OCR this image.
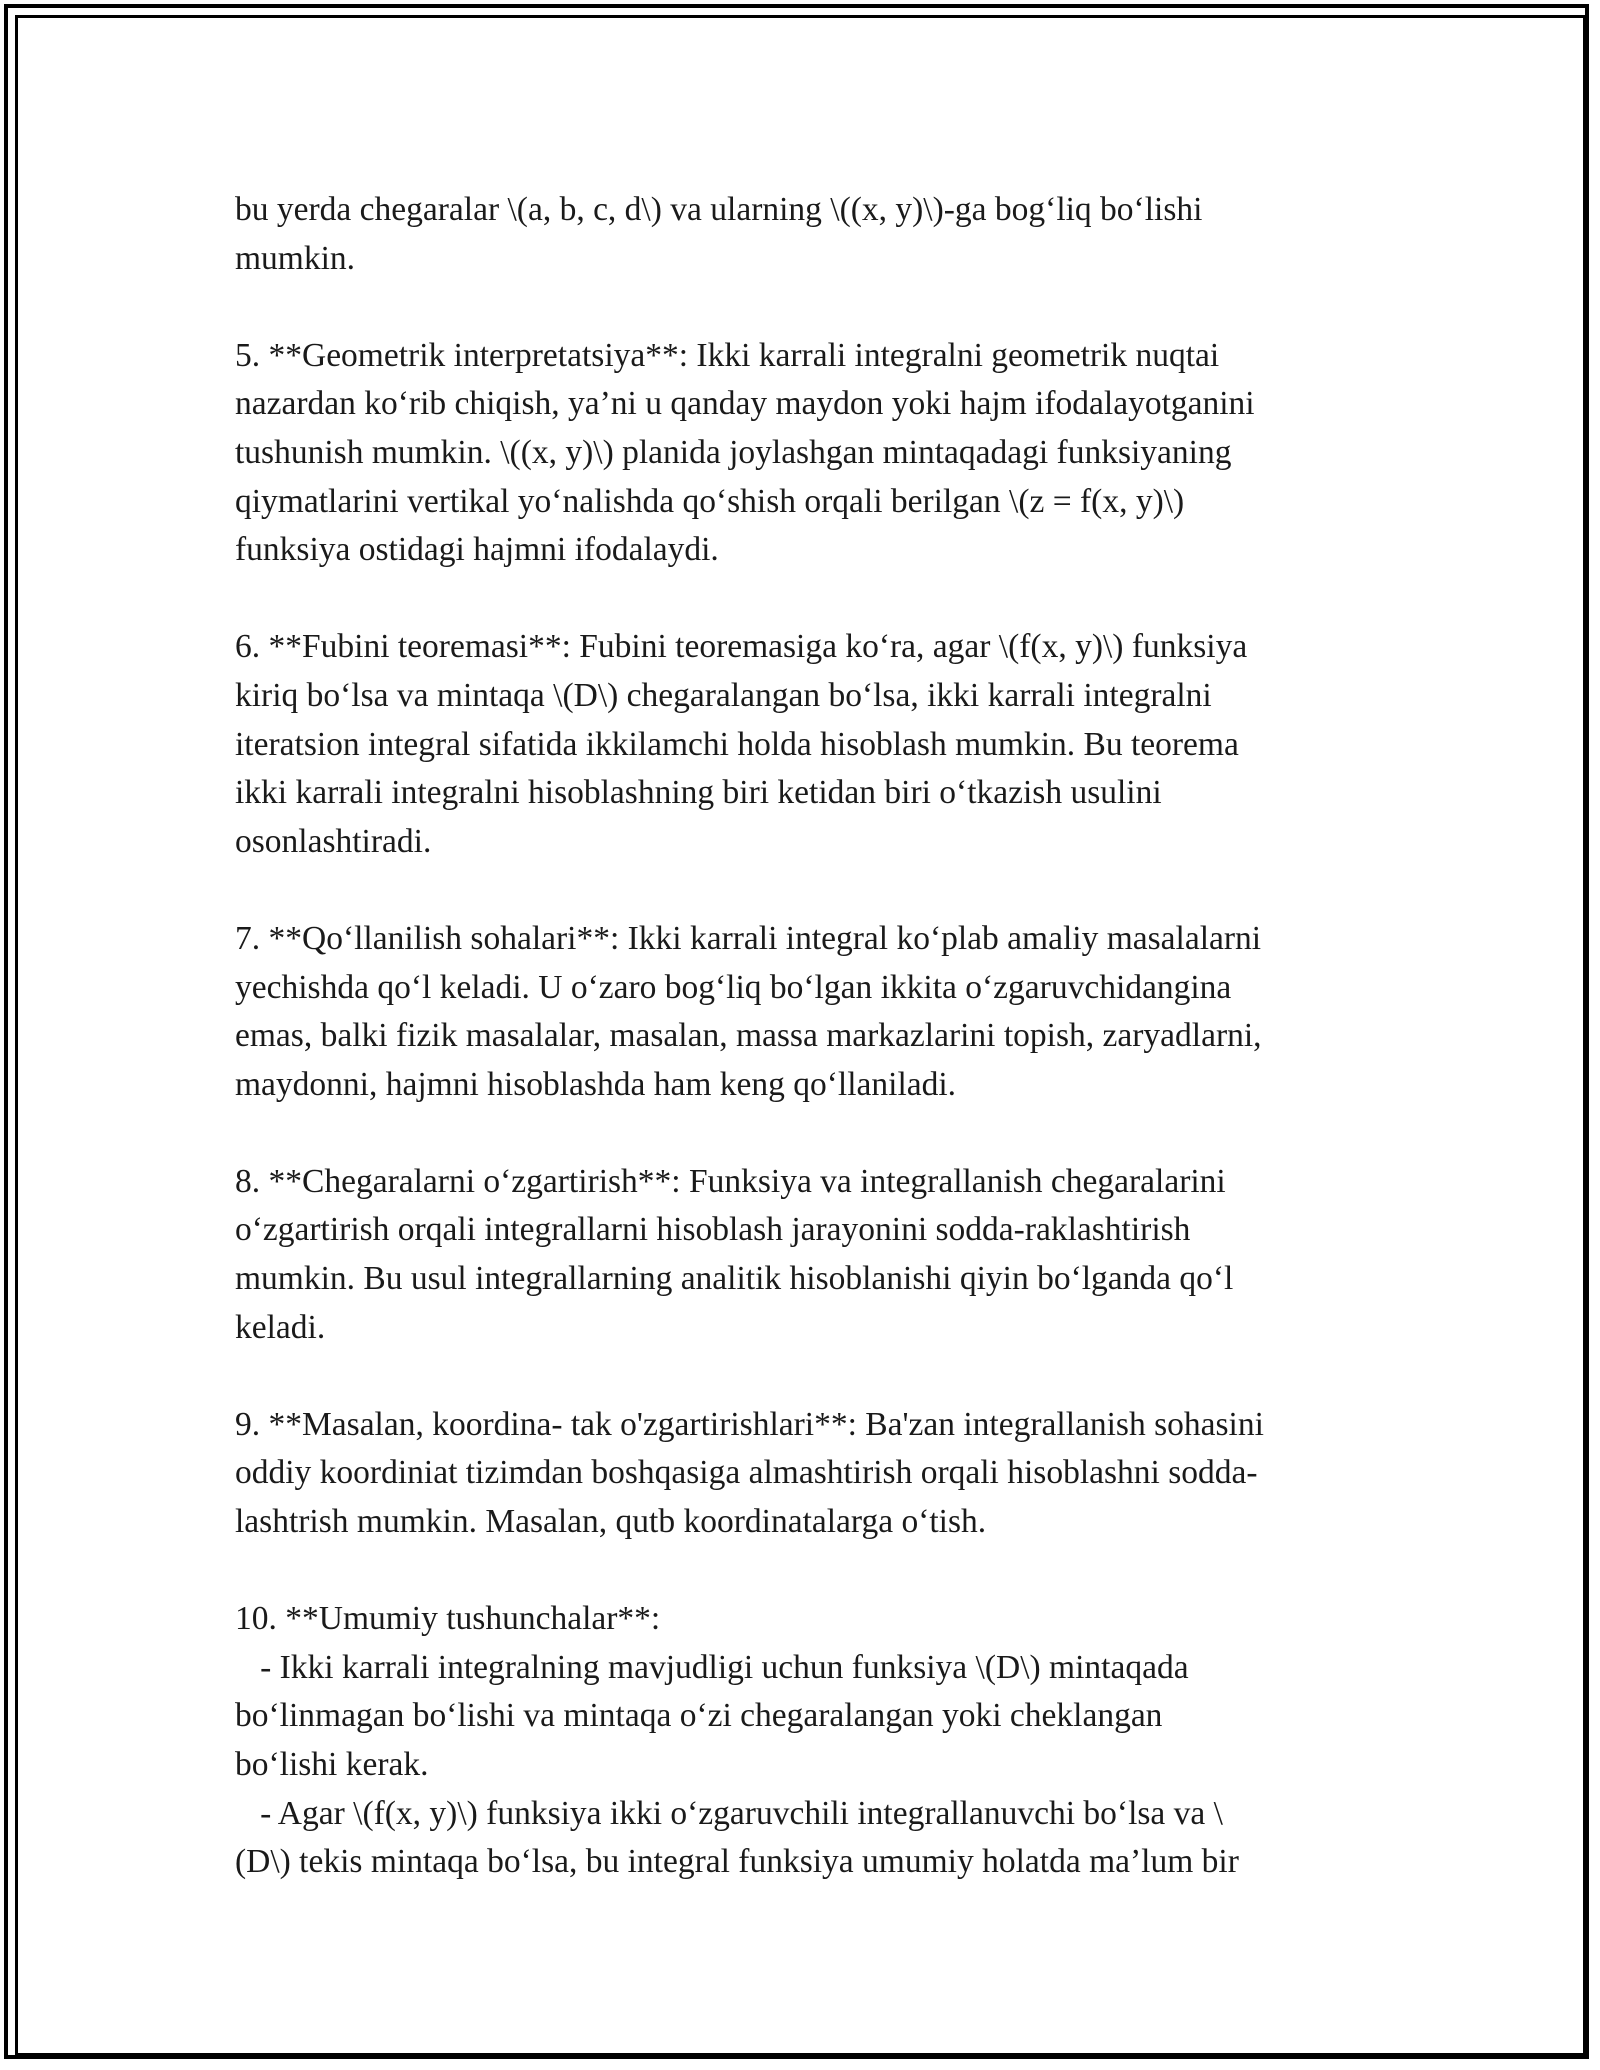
bu yerda chegaralar \(a, b, c, d\) va ularning \((x, y)\)-ga bog‘liq bo‘lishi
mumkin.

5. **Geometrik interpretatsiya**: Ikki karrali integralni geometrik nuqtai
nazardan ko‘rib chiqish, ya’ni u qanday maydon yoki hajm ifodalayotganini
tushunish mumkin. \((x, y)\) planida joylashgan mintaqadagi funksiyaning
qiymatlarini vertikal yo‘nalishda qo‘shish orqali berilgan \(z = f(x, y)\)
funksiya ostidagi hajmni ifodalaydi.

6. **Fubini teoremasi**: Fubini teoremasiga ko‘ra, agar \(f(x, y)\) funksiya
kiriq bo‘lsa va mintaqa \(D\) chegaralangan bo‘lsa, ikki karrali integralni
iteratsion integral sifatida ikkilamchi holda hisoblash mumkin. Bu teorema
ikki karrali integralni hisoblashning biri ketidan biri o‘tkazish usulini
osonlashtiradi.

7. **Qo‘llanilish sohalari**: Ikki karrali integral ko‘plab amaliy masalalarni
yechishda qo‘l keladi. U o‘zaro bog‘liq bo‘lgan ikkita o‘zgaruvchidangina
emas, balki fizik masalalar, masalan, massa markazlarini topish, zaryadlarni,
maydonni, hajmni hisoblashda ham keng qo‘llaniladi.

8. **Chegaralarni o‘zgartirish**: Funksiya va integrallanish chegaralarini
o‘zgartirish orqali integrallarni hisoblash jarayonini sodda-raklashtirish
mumkin. Bu usul integrallarning analitik hisoblanishi qiyin bo‘lganda qo‘l
keladi.

9. **Masalan, koordina- tak o'zgartirishlari**: Ba'zan integrallanish sohasini
oddiy koordiniat tizimdan boshqasiga almashtirish orqali hisoblashni sodda-
lashtrish mumkin. Masalan, qutb koordinatalarga o‘tish.

10. **Umumiy tushunchalar**:
- Ikki karrali integralning mavjudligi uchun funksiya \(D\) mintaqada
bo‘linmagan bo‘lishi va mintaqa o‘zi chegaralangan yoki cheklangan
bo‘lishi kerak.
- Agar \(f(x, y)\) funksiya ikki o‘zgaruvchili integrallanuvchi bo‘lsa va \
(D\) tekis mintaqa bo‘lsa, bu integral funksiya umumiy holatda ma’lum bir
